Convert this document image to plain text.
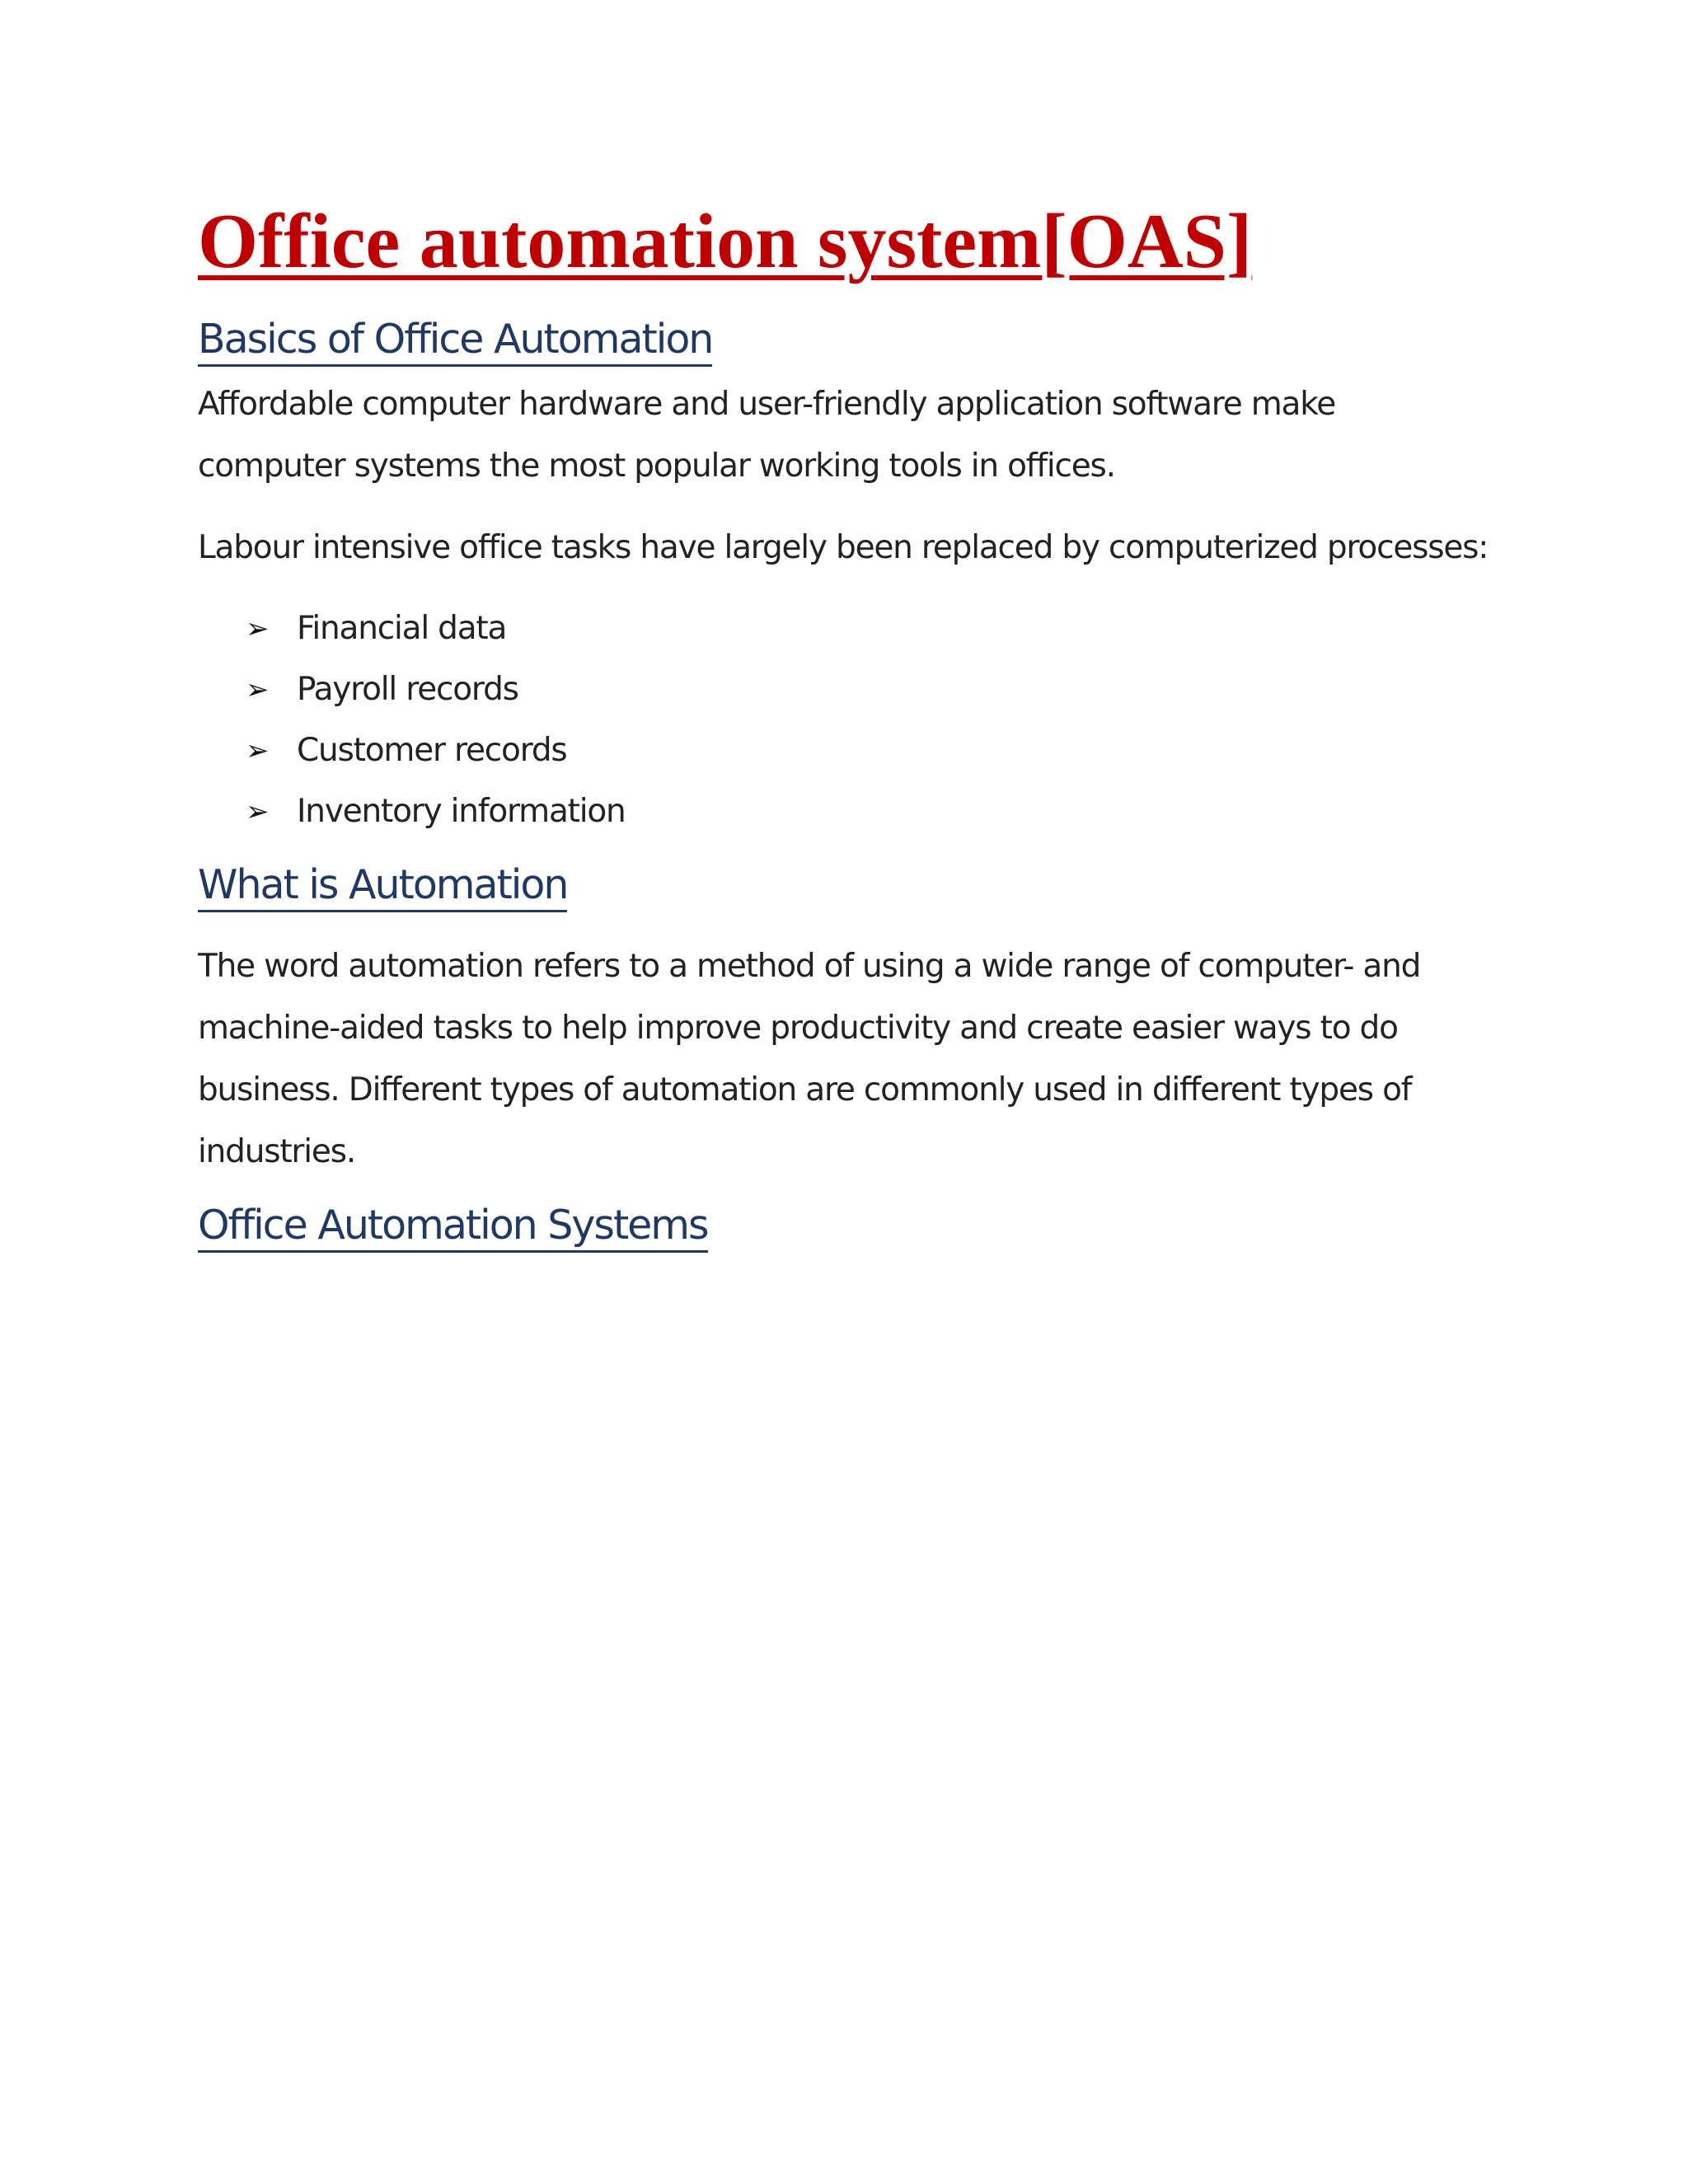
Office automation system[OAS]
Basics of Office Automation

Affordable computer hardware and user-friendly application software make computer systems the most popular working tools in offices.

Labour intensive office tasks have largely been replaced by computerized processes:

➢ Financial data
➢ Payroll records
➢ Customer records
➢ Inventory information
What is Automation

The word automation refers to a method of using a wide range of computer- and machine-aided tasks to help improve productivity and create easier ways to do business. Different types of automation are commonly used in different types of industries.

Office Automation Systems
